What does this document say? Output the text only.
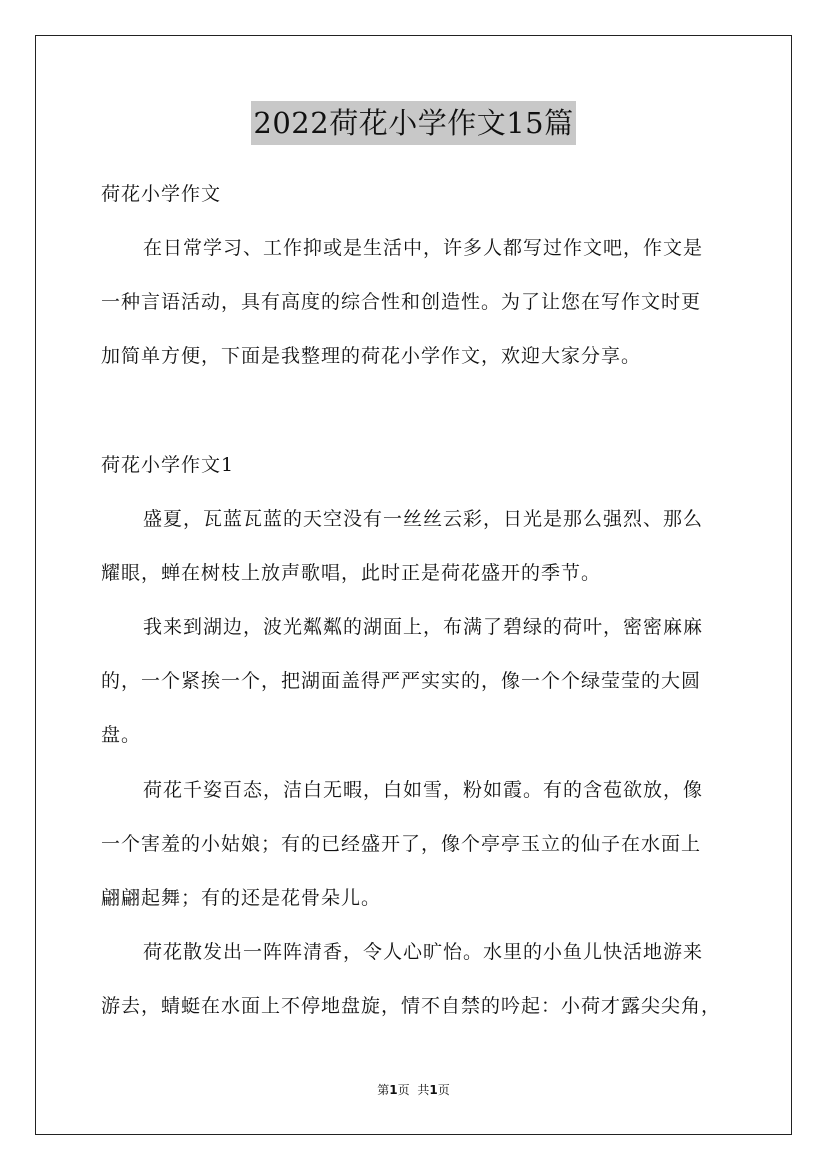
2022荷花小学作文15篇
荷花小学作文
在日常学习、工作抑或是生活中，许多人都写过作文吧，作文是
一种言语活动，具有高度的综合性和创造性。为了让您在写作文时更
加简单方便，下面是我整理的荷花小学作文，欢迎大家分享。
荷花小学作文1
盛夏，瓦蓝瓦蓝的天空没有一丝丝云彩，日光是那么强烈、那么
耀眼，蝉在树枝上放声歌唱，此时正是荷花盛开的季节。
我来到湖边，波光粼粼的湖面上，布满了碧绿的荷叶，密密麻麻
的，一个紧挨一个，把湖面盖得严严实实的，像一个个绿莹莹的大圆
盘。
荷花千姿百态，洁白无暇，白如雪，粉如霞。有的含苞欲放，像
一个害羞的小姑娘；有的已经盛开了，像个亭亭玉立的仙子在水面上
翩翩起舞；有的还是花骨朵儿。
荷花散发出一阵阵清香，令人心旷怡。水里的小鱼儿快活地游来
游去，蜻蜓在水面上不停地盘旋，情不自禁的吟起：小荷才露尖尖角，
第1页 共1页
